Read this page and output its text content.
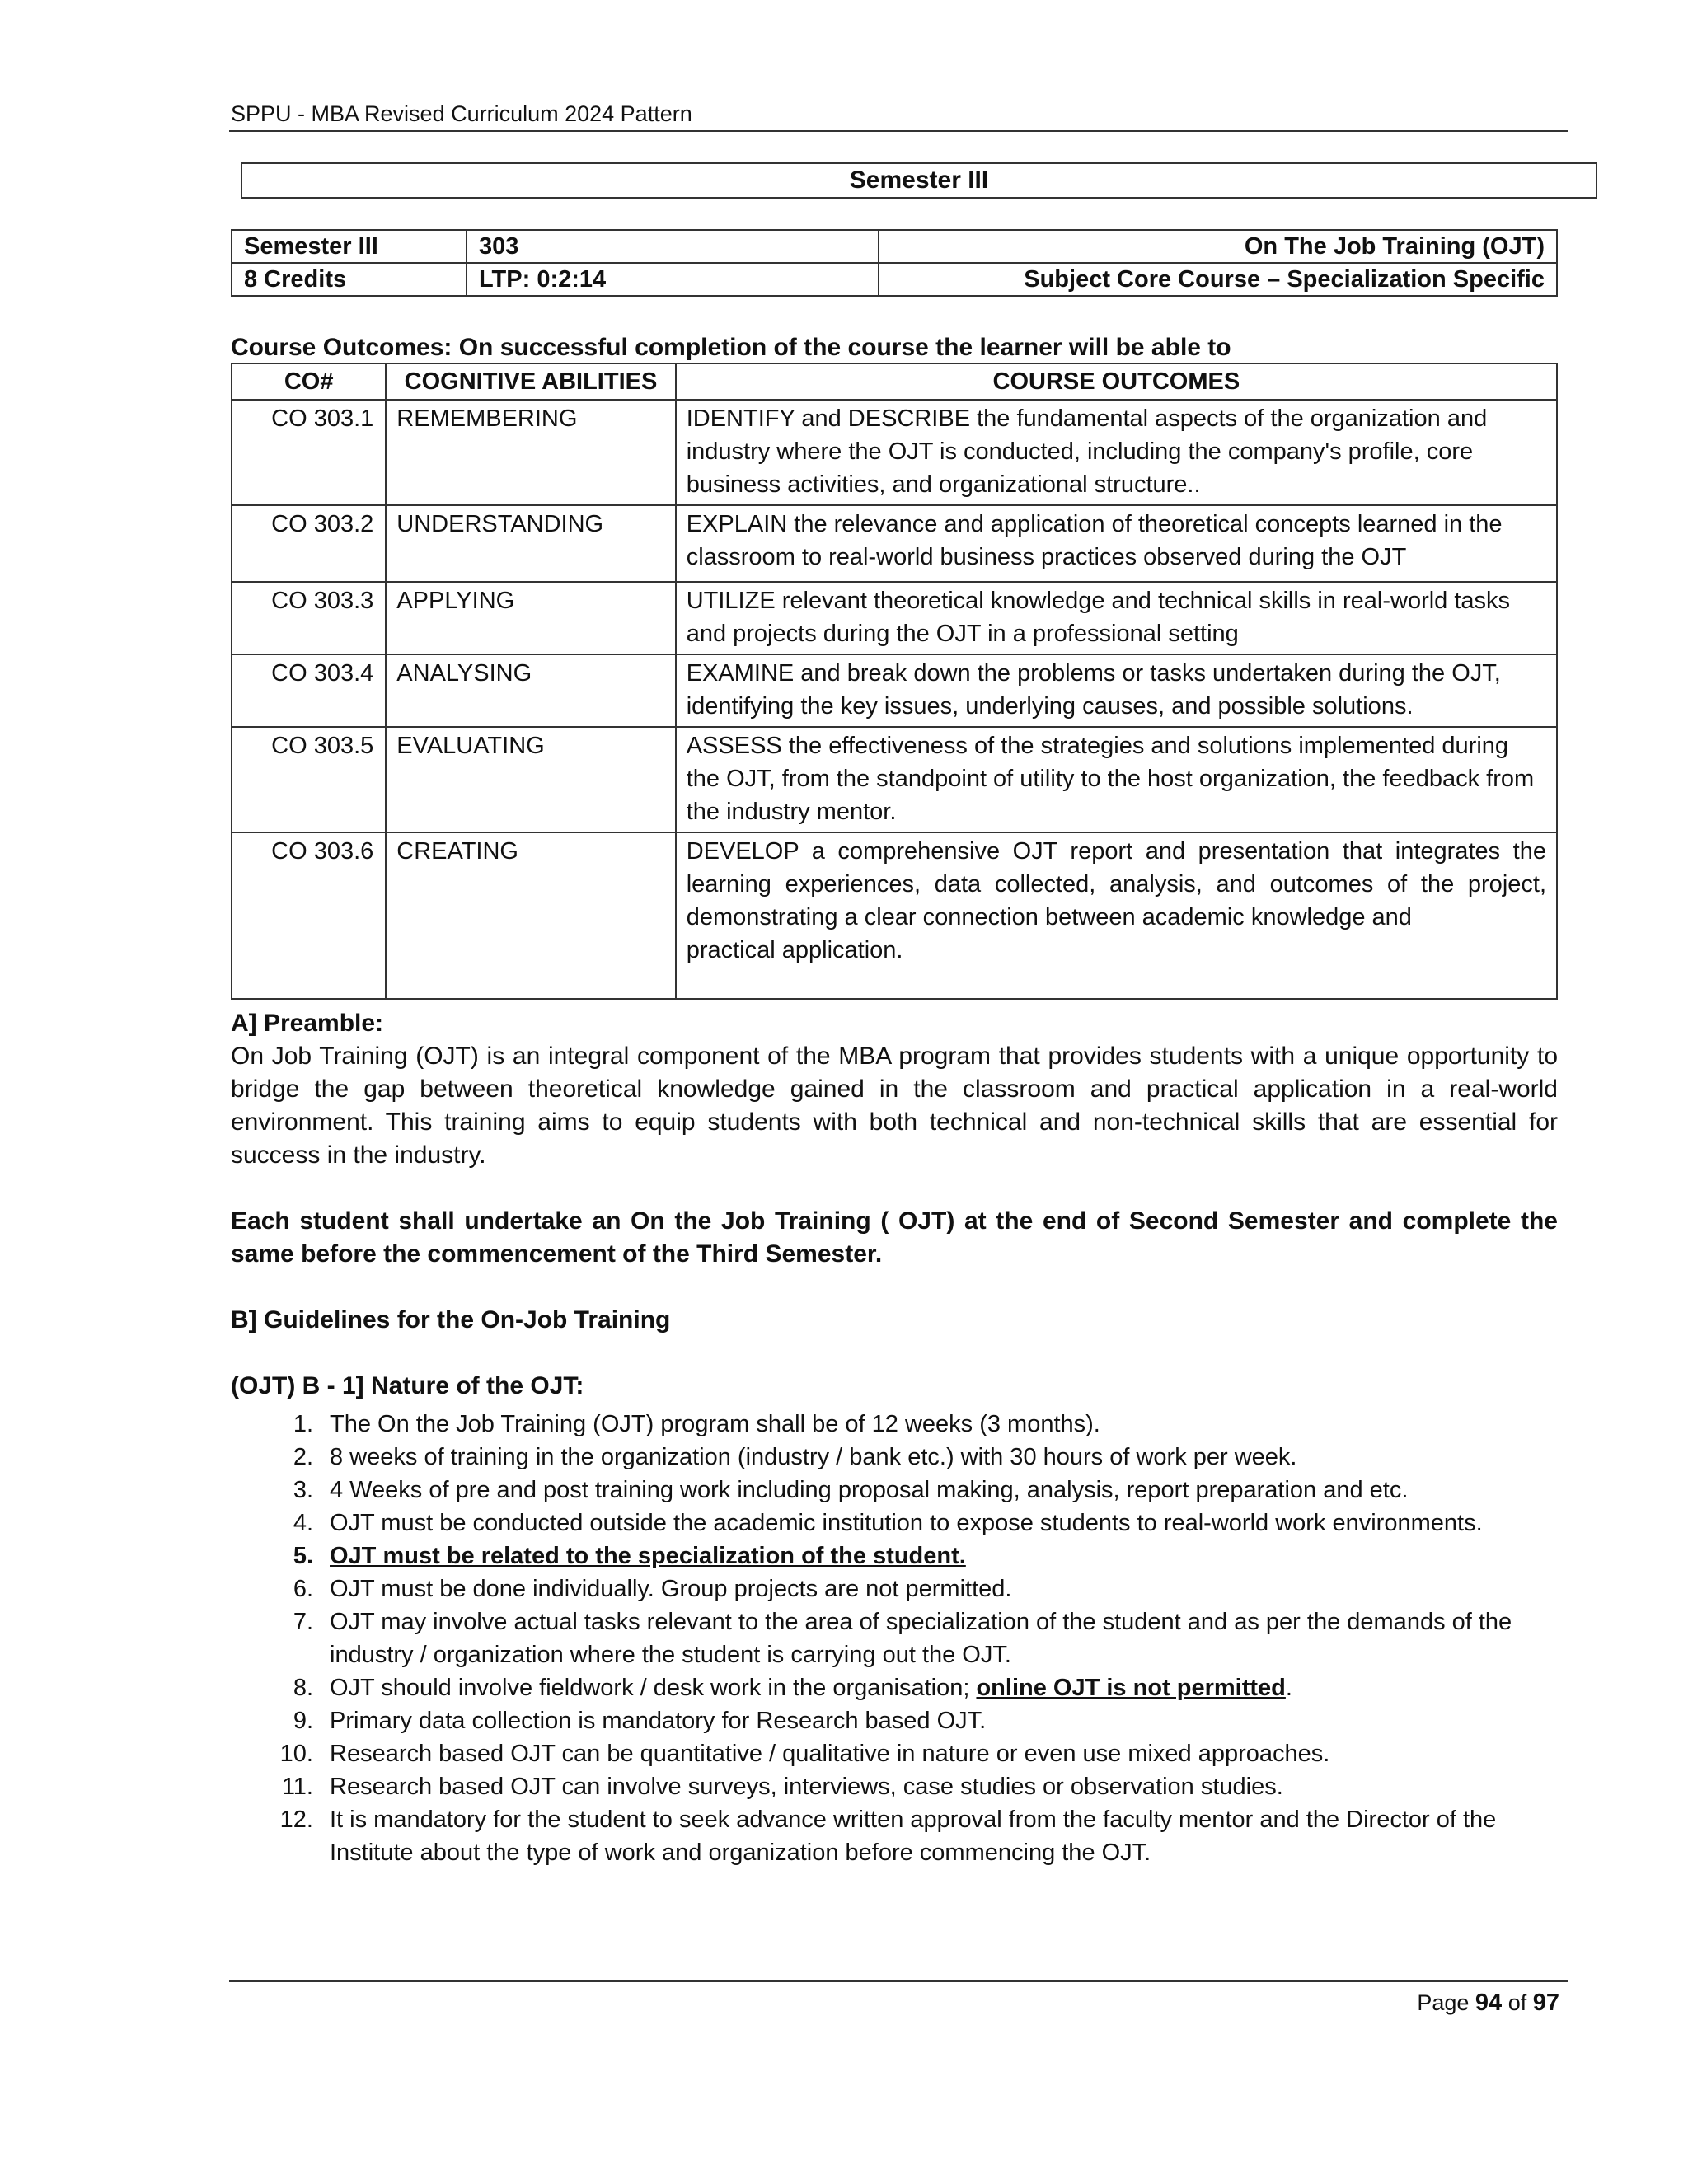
SPPU - MBA Revised Curriculum 2024 Pattern
Semester III
Semester III	303	On The Job Training (OJT)
8 Credits	LTP: 0:2:14	Subject Core Course – Specialization Specific
Course Outcomes: On successful completion of the course the learner will be able to
CO#	COGNITIVE ABILITIES	COURSE OUTCOMES
CO 303.1	REMEMBERING	IDENTIFY and DESCRIBE the fundamental aspects of the organization and industry where the OJT is conducted, including the company's profile, core business activities, and organizational structure..
CO 303.2	UNDERSTANDING	EXPLAIN the relevance and application of theoretical concepts learned in the classroom to real-world business practices observed during the OJT
CO 303.3	APPLYING	UTILIZE relevant theoretical knowledge and technical skills in real-world tasks and projects during the OJT in a professional setting
CO 303.4	ANALYSING	EXAMINE and break down the problems or tasks undertaken during the OJT, identifying the key issues, underlying causes, and possible solutions.
CO 303.5	EVALUATING	ASSESS the effectiveness of the strategies and solutions implemented during the OJT, from the standpoint of utility to the host organization, the feedback from the industry mentor.
CO 303.6	CREATING	DEVELOP a comprehensive OJT report and presentation that integrates the learning experiences, data collected, analysis, and outcomes of the project, demonstrating a clear connection between academic knowledge and
practical application.
A] Preamble:

On Job Training (OJT) is an integral component of the MBA program that provides students with a unique opportunity to bridge the gap between theoretical knowledge gained in the classroom and practical application in a real-world environment. This training aims to equip students with both technical and non-technical skills that are essential for success in the industry.

Each student shall undertake an On the Job Training ( OJT) at the end of Second Semester and complete the same before the commencement of the Third Semester.

B] Guidelines for the On-Job Training
(OJT) B - 1] Nature of the OJT:
1. The On the Job Training (OJT) program shall be of 12 weeks (3 months).
2. 8 weeks of training in the organization (industry / bank etc.) with 30 hours of work per week.
3. 4 Weeks of pre and post training work including proposal making, analysis, report preparation and etc.
4. OJT must be conducted outside the academic institution to expose students to real-world work environments.
5. OJT must be related to the specialization of the student.
6. OJT must be done individually. Group projects are not permitted.
7. OJT may involve actual tasks relevant to the area of specialization of the student and as per the demands of the industry / organization where the student is carrying out the OJT.
8. OJT should involve fieldwork / desk work in the organisation; online OJT is not permitted.
9. Primary data collection is mandatory for Research based OJT.
10. Research based OJT can be quantitative / qualitative in nature or even use mixed approaches.
11. Research based OJT can involve surveys, interviews, case studies or observation studies.
12. It is mandatory for the student to seek advance written approval from the faculty mentor and the Director of the Institute about the type of work and organization before commencing the OJT.
Page 94 of 97
